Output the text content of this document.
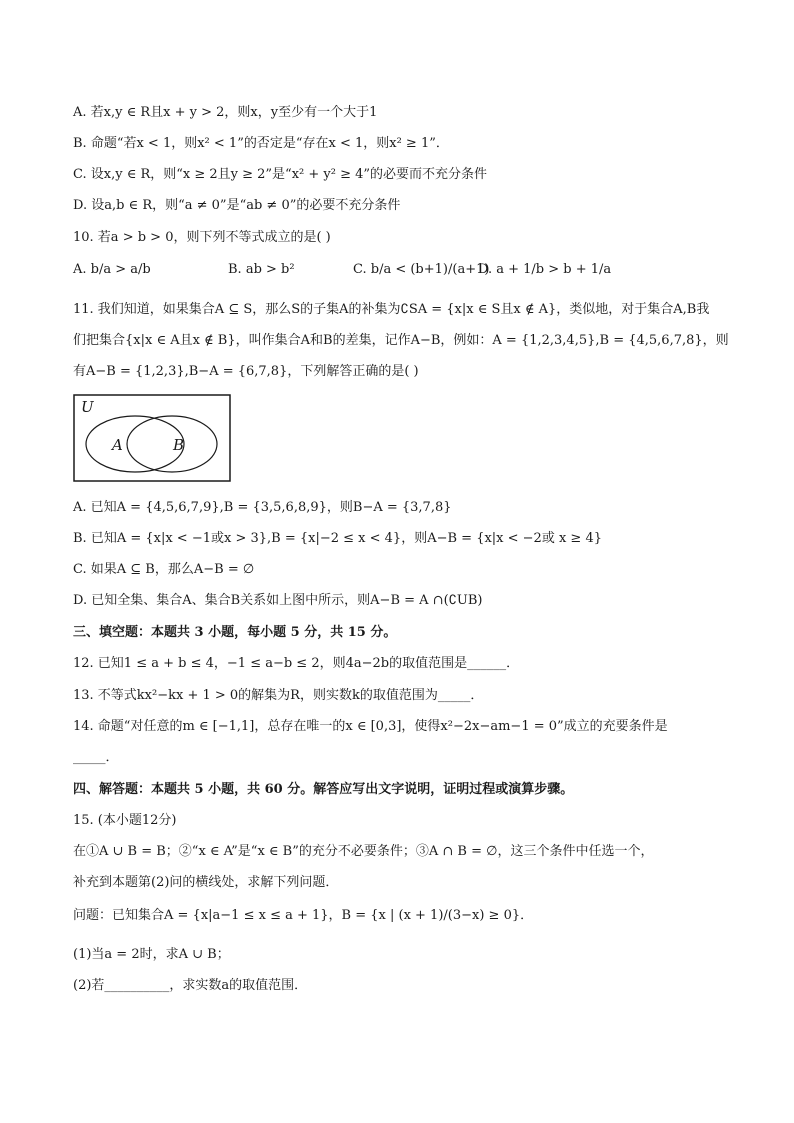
A. 若x,y ∈ R且x + y > 2，则x，y至少有一个大于1
B. 命题“若x < 1，则x² < 1”的否定是“存在x < 1，则x² ≥ 1”．
C. 设x,y ∈ R，则“x ≥ 2且y ≥ 2”是“x² + y² ≥ 4”的必要而不充分条件
D. 设a,b ∈ R，则“a ≠ 0”是“ab ≠ 0”的必要不充分条件
10. 若a > b > 0，则下列不等式成立的是( )
A. b/a > a/b	B. ab > b²	C. b/a < (b+1)/(a+1)
D. a + 1/b > b + 1/a
11. 我们知道，如果集合A ⊆ S，那么S的子集A的补集为∁SA = {x|x ∈ S且x ∉ A}，类似地，对于集合A,B我
们把集合{x|x ∈ A且x ∉ B}，叫作集合A和B的差集，记作A−B，例如：A = {1,2,3,4,5},B = {4,5,6,7,8}，则
有A−B = {1,2,3},B−A = {6,7,8}，下列解答正确的是( )
U
A	B
A. 已知A = {4,5,6,7,9},B = {3,5,6,8,9}，则B−A = {3,7,8}
B. 已知A = {x|x < −1或x > 3},B = {x|−2 ≤ x < 4}，则A−B = {x|x < −2或 x ≥ 4}
C. 如果A ⊆ B，那么A−B = ∅
D. 已知全集、集合A、集合B关系如上图中所示，则A−B = A ∩(∁UB)
三、填空题：本题共 3 小题，每小题 5 分，共 15 分。
12. 已知1 ≤ a + b ≤ 4，−1 ≤ a−b ≤ 2，则4a−2b的取值范围是______．
13. 不等式kx²−kx + 1 > 0的解集为R，则实数k的取值范围为_____．
14. 命题“对任意的m ∈ [−1,1]，总存在唯一的x ∈ [0,3]，使得x²−2x−am−1 = 0”成立的充要条件是
_____．
四、解答题：本题共 5 小题，共 60 分。解答应写出文字说明，证明过程或演算步骤。
15. (本小题12分)
在①A ∪ B = B；②“x ∈ A”是“x ∈ B”的充分不必要条件；③A ∩ B = ∅，这三个条件中任选一个，
补充到本题第(2)问的横线处，求解下列问题．
问题：已知集合A = {x|a−1 ≤ x ≤ a + 1}，B = {x | (x + 1)/(3−x) ≥ 0}．
(1)当a = 2时，求A ∪ B；
(2)若__________，求实数a的取值范围．
